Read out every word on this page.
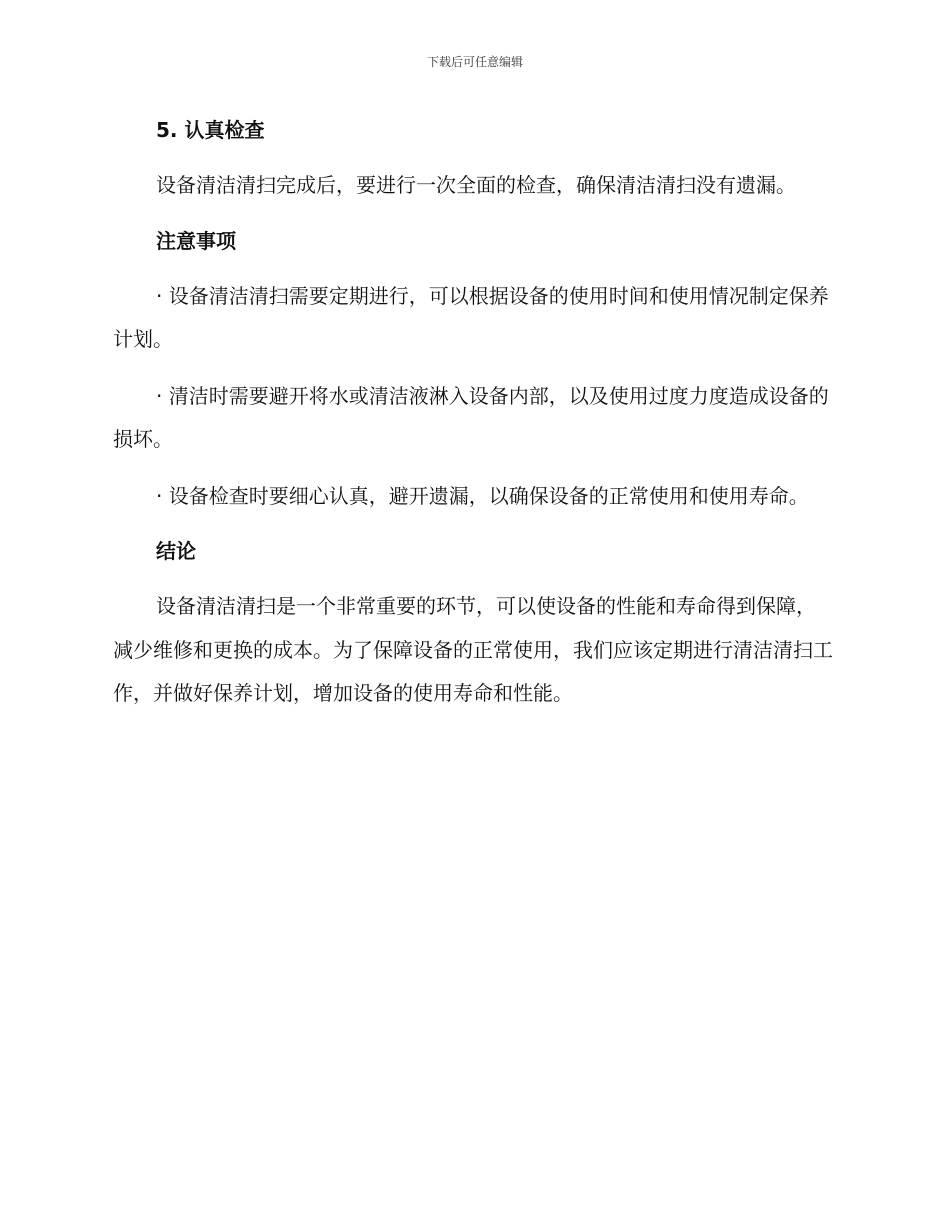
下载后可任意编辑
5. 认真检查

设备清洁清扫完成后，要进行一次全面的检查，确保清洁清扫没有遗漏。

注意事项

· 设备清洁清扫需要定期进行，可以根据设备的使用时间和使用情况制定保养计划。

· 清洁时需要避开将水或清洁液淋入设备内部，以及使用过度力度造成设备的损坏。

· 设备检查时要细心认真，避开遗漏，以确保设备的正常使用和使用寿命。

结论

设备清洁清扫是一个非常重要的环节，可以使设备的性能和寿命得到保障，减少维修和更换的成本。为了保障设备的正常使用，我们应该定期进行清洁清扫工作，并做好保养计划，增加设备的使用寿命和性能。
